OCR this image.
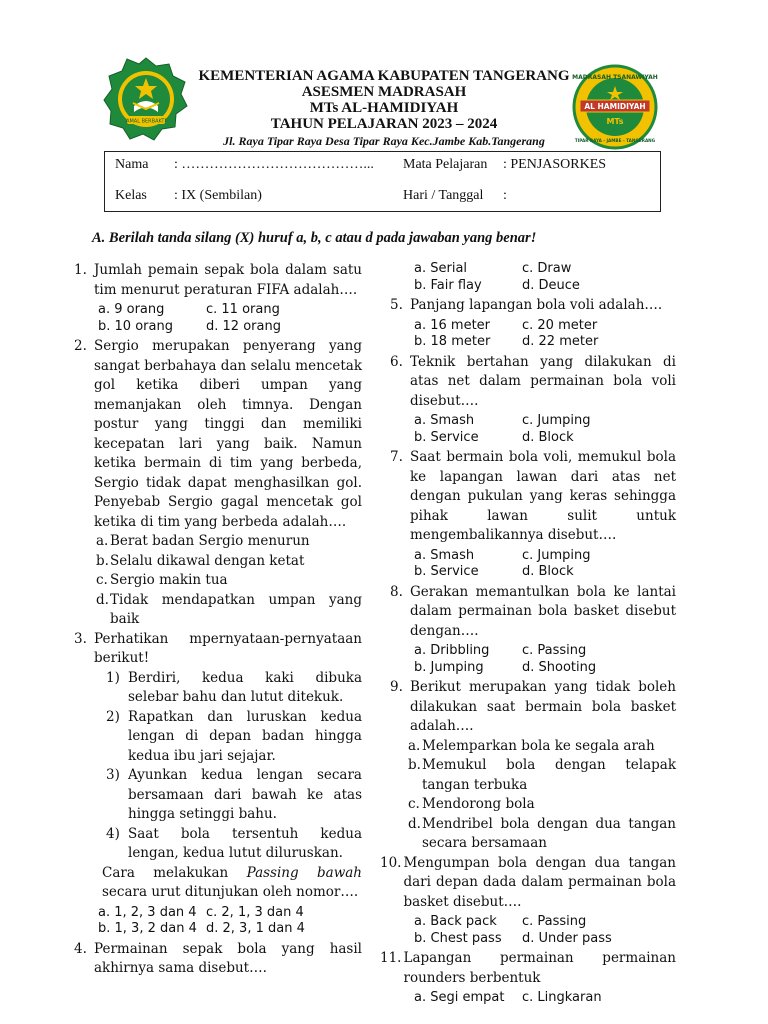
AMAL BERBAKTI
MADRASAH TSANAWIYAH
AL HAMIDIYAH
MTs
TIPAR RAYA - JAMBE - TANGERANG
KEMENTERIAN AGAMA KABUPATEN TANGERANG
ASESMEN MADRASAH
MTs AL-HAMIDIYAH
TAHUN PELAJARAN 2023 – 2024
Jl. Raya Tipar Raya Desa Tipar Raya Kec.Jambe Kab.Tangerang
Nama : …………………………………... Mata Pelajaran : PENJASORKES
Kelas : IX (Sembilan)	Hari / Tanggal :
A. Berilah tanda silang (X) huruf a, b, c atau d pada jawaban yang benar!
1. Jumlah pemain sepak bola dalam satu tim menurut peraturan FIFA adalah….
a. 9 orang	c. 11 orang
b. 10 orang	d. 12 orang
2. Sergio merupakan penyerang yang sangat berbahaya dan selalu mencetak gol ketika diberi umpan yang memanjakan oleh timnya. Dengan postur yang tinggi dan memiliki kecepatan lari yang baik. Namun ketika bermain di tim yang berbeda, Sergio tidak dapat menghasilkan gol. Penyebab Sergio gagal mencetak gol ketika di tim yang berbeda adalah….
a. Berat badan Sergio menurun
b. Selalu dikawal dengan ketat
c. Sergio makin tua
d. Tidak mendapatkan umpan yang baik
3. Perhatikan mpernyataan-pernyataan berikut!
1) Berdiri, kedua kaki dibuka selebar bahu dan lutut ditekuk.
2) Rapatkan dan luruskan kedua lengan di depan badan hingga kedua ibu jari sejajar.
3) Ayunkan kedua lengan secara bersamaan dari bawah ke atas hingga setinggi bahu.
4) Saat bola tersentuh kedua lengan, kedua lutut diluruskan.
Cara melakukan Passing bawah secara urut ditunjukan oleh nomor….
a. 1, 2, 3 dan 4 c. 2, 1, 3 dan 4
b. 1, 3, 2 dan 4 d. 2, 3, 1 dan 4
4. Permainan sepak bola yang hasil akhirnya sama disebut….
a. Serial	c. Draw
b. Fair flay	d. Deuce
5. Panjang lapangan bola voli adalah….
a. 16 meter	c. 20 meter
b. 18 meter	d. 22 meter
6. Teknik bertahan yang dilakukan di atas net dalam permainan bola voli disebut….
a. Smash	c. Jumping
b. Service	d. Block
7. Saat bermain bola voli, memukul bola ke lapangan lawan dari atas net dengan pukulan yang keras sehingga pihak lawan sulit untuk mengembalikannya disebut….
a. Smash	c. Jumping
b. Service	d. Block
8. Gerakan memantulkan bola ke lantai dalam permainan bola basket disebut dengan….
a. Dribbling	c. Passing
b. Jumping	d. Shooting
9. Berikut merupakan yang tidak boleh dilakukan saat bermain bola basket adalah….
a. Melemparkan bola ke segala arah
b. Memukul bola dengan telapak tangan terbuka
c. Mendorong bola
d. Mendribel bola dengan dua tangan secara bersamaan
10. Mengumpan bola dengan dua tangan dari depan dada dalam permainan bola basket disebut….
a. Back pack	c. Passing
b. Chest pass	d. Under pass
11. Lapangan permainan permainan rounders berbentuk
a. Segi empat	c. Lingkaran
